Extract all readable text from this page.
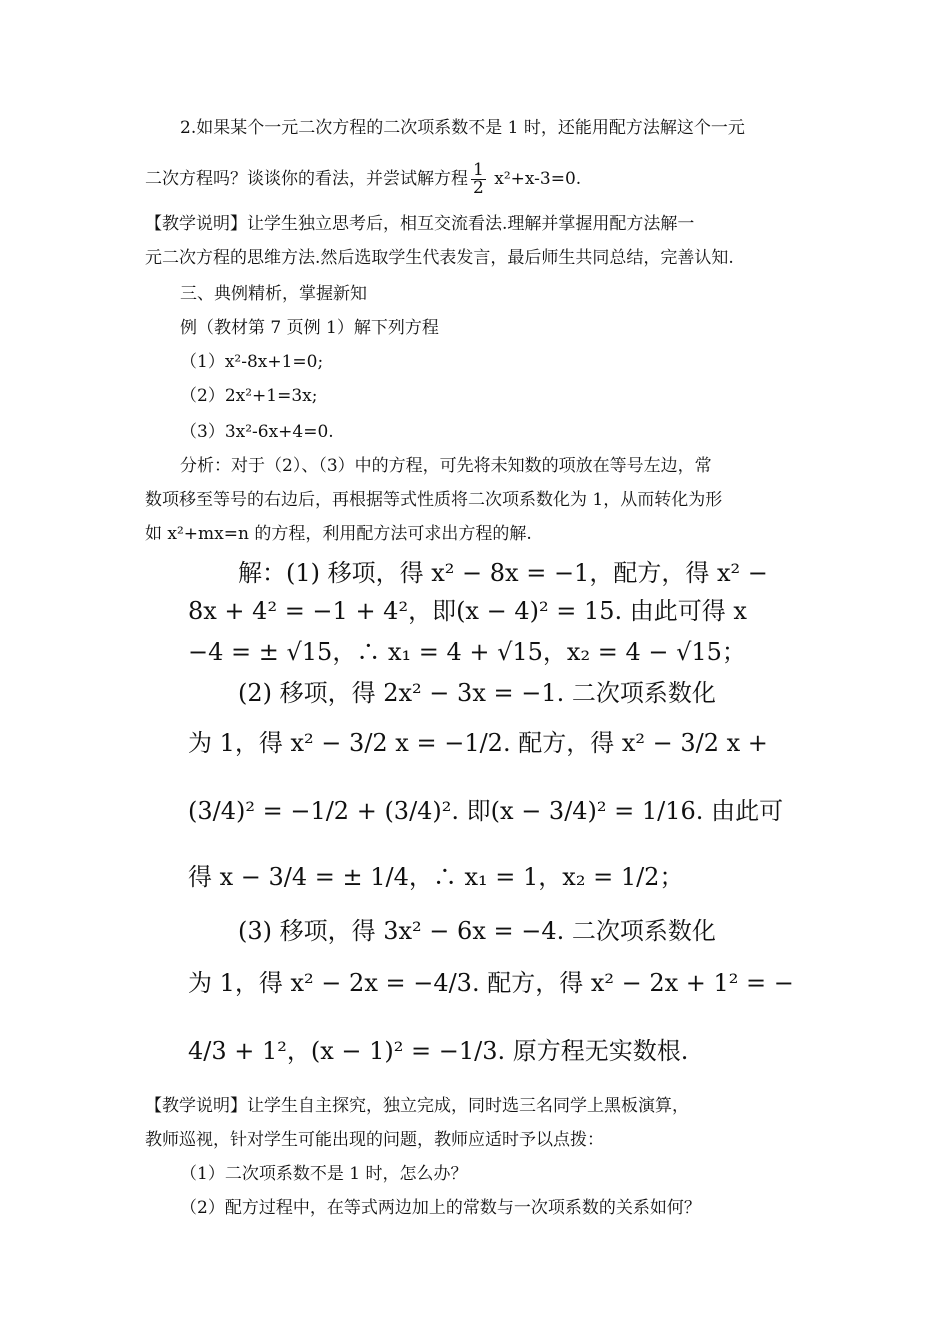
2.如果某个一元二次方程的二次项系数不是 1 时，还能用配方法解这个一元
二次方程吗？谈谈你的看法，并尝试解方程 $\frac{1}{2} x^2+x-3=0$.
【教学说明】让学生独立思考后，相互交流看法.理解并掌握用配方法解一
元二次方程的思维方法.然后选取学生代表发言，最后师生共同总结，完善认知.
三、典例精析，掌握新知
例（教材第 7 页例 1）解下列方程
（1）x²-8x+1=0;
（2）2x²+1=3x;
（3）3x²-6x+4=0.
分析：对于（2）、（3）中的方程，可先将未知数的项放在等号左边，常
数项移至等号的右边后，再根据等式性质将二次项系数化为 1，从而转化为形
如 x²+mx=n 的方程，利用配方法可求出方程的解.
解：(1) 移项，得 x² − 8x = −1，配方，得 x² −
8x + 4² = −1 + 4²，即(x − 4)² = 15. 由此可得 x
−4 = ± √15，∴ x₁ = 4 + √15，x₂ = 4 − √15；
(2) 移项，得 2x² − 3x = −1. 二次项系数化
为 1，得 x² − 3/2 x = −1/2. 配方，得 x² − 3/2 x +
(3/4)² = −1/2 + (3/4)². 即(x − 3/4)² = 1/16. 由此可
得 x − 3/4 = ± 1/4，∴ x₁ = 1，x₂ = 1/2；
(3) 移项，得 3x² − 6x = −4. 二次项系数化
为 1，得 x² − 2x = −4/3. 配方，得 x² − 2x + 1² = −
4/3 + 1²，(x − 1)² = −1/3. 原方程无实数根.
【教学说明】让学生自主探究，独立完成，同时选三名同学上黑板演算，
教师巡视，针对学生可能出现的问题，教师应适时予以点拨：
（1）二次项系数不是 1 时，怎么办？
（2）配方过程中，在等式两边加上的常数与一次项系数的关系如何？
